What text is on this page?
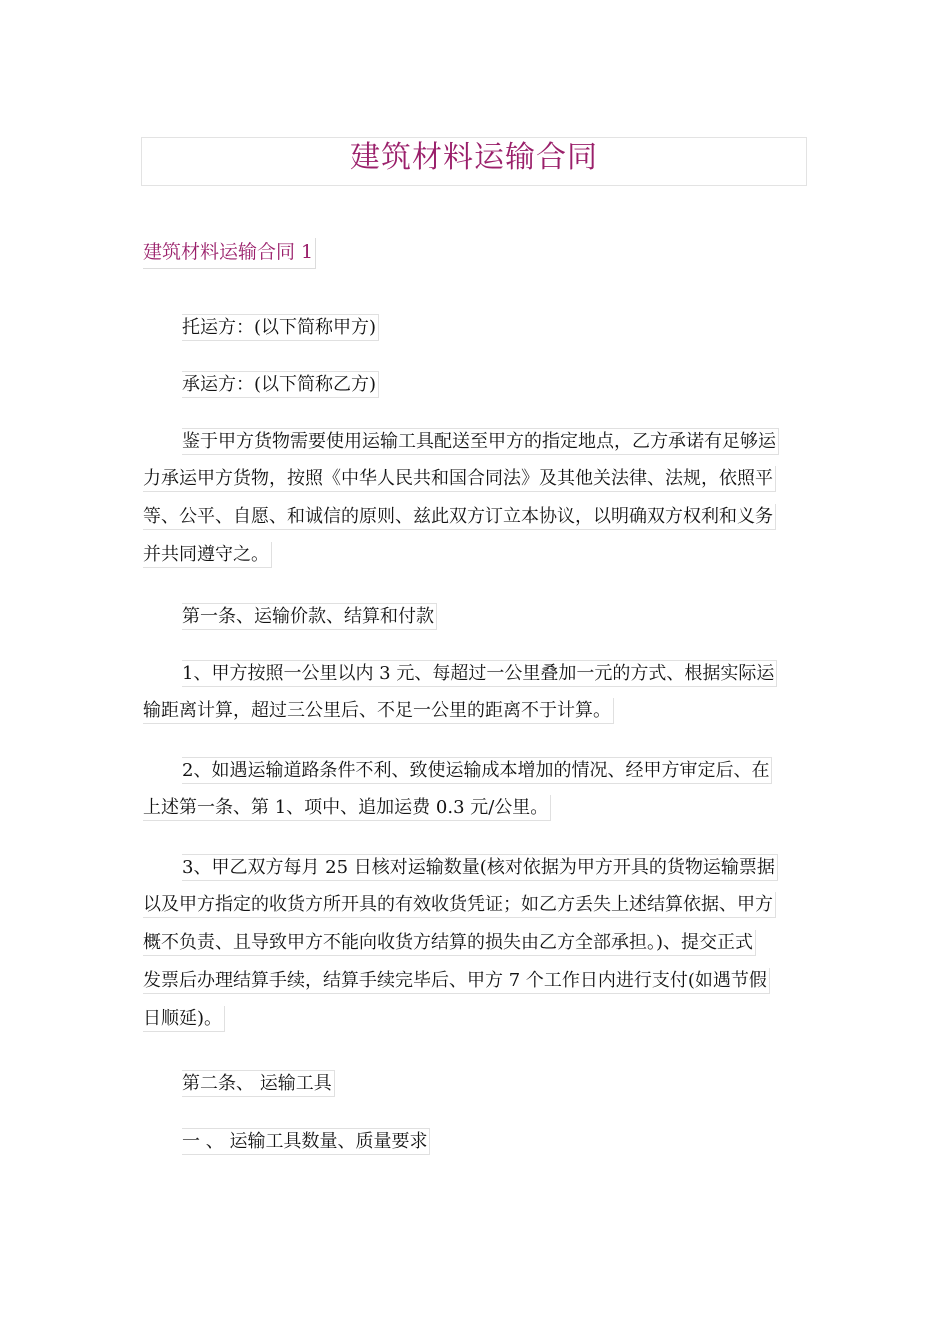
建筑材料运输合同
建筑材料运输合同 1
托运方：(以下简称甲方)
承运方：(以下简称乙方)
鉴于甲方货物需要使用运输工具配送至甲方的指定地点，乙方承诺有足够运
力承运甲方货物，按照《中华人民共和国合同法》及其他关法律、法规，依照平
等、公平、自愿、和诚信的原则、兹此双方订立本协议，以明确双方权利和义务
并共同遵守之。
第一条、运输价款、结算和付款
1、甲方按照一公里以内 3 元、每超过一公里叠加一元的方式、根据实际运
输距离计算，超过三公里后、不足一公里的距离不于计算。
2、如遇运输道路条件不利、致使运输成本增加的情况、经甲方审定后、在
上述第一条、第 1、项中、追加运费 0.3 元/公里。
3、甲乙双方每月 25 日核对运输数量(核对依据为甲方开具的货物运输票据
以及甲方指定的收货方所开具的有效收货凭证；如乙方丢失上述结算依据、甲方
概不负责、且导致甲方不能向收货方结算的损失由乙方全部承担。)、提交正式
发票后办理结算手续，结算手续完毕后、甲方 7 个工作日内进行支付(如遇节假
日顺延)。
第二条、 运输工具
一 、 运输工具数量、质量要求
